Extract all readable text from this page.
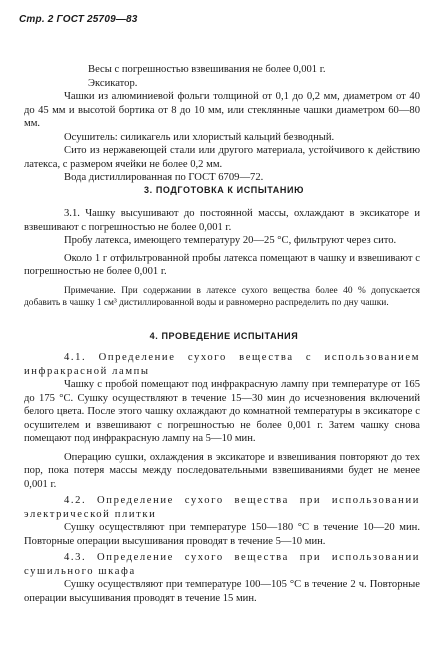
Стр. 2 ГОСТ 25709—83

Весы с погрешностью взвешивания не более 0,001 г.

Эксикатор.

Чашки из алюминиевой фольги толщиной от 0,1 до 0,2 мм, диаметром от 40 до 45 мм и высотой бортика от 8 до 10 мм, или стеклянные чашки диаметром 60—80 мм.

Осушитель: силикагель или хлористый кальций безводный.

Сито из нержавеющей стали или другого материала, устойчивого к действию латекса, с размером ячейки не более 0,2 мм.

Вода дистиллированная по ГОСТ 6709—72.

3. ПОДГОТОВКА К ИСПЫТАНИЮ

3.1. Чашку высушивают до постоянной массы, охлаждают в эксикаторе и взвешивают с погрешностью не более 0,001 г.

Пробу латекса, имеющего температуру 20—25 °С, фильтруют через сито.

Около 1 г отфильтрованной пробы латекса помещают в чашку и взвешивают с погрешностью не более 0,001 г.

Примечание. При содержании в латексе сухого вещества более 40 % допускается добавить в чашку 1 см³ дистиллированной воды и равномерно распределить по дну чашки.

4. ПРОВЕДЕНИЕ ИСПЫТАНИЯ

4.1. Определение сухого вещества с использованием инфракрасной лампы

Чашку с пробой помещают под инфракрасную лампу при температуре от 165 до 175 °С. Сушку осуществляют в течение 15—30 мин до исчезновения включений белого цвета. После этого чашку охлаждают до комнатной температуры в эксикаторе с осушителем и взвешивают с погрешностью не более 0,001 г. Затем чашку снова помещают под инфракрасную лампу на 5—10 мин.

Операцию сушки, охлаждения в эксикаторе и взвешивания повторяют до тех пор, пока потеря массы между последовательными взвешиваниями будет не менее 0,001 г.

4.2. Определение сухого вещества при использовании электрической плитки

Сушку осуществляют при температуре 150—180 °С в течение 10—20 мин. Повторные операции высушивания проводят в течение 5—10 мин.

4.3. Определение сухого вещества при использовании сушильного шкафа

Сушку осуществляют при температуре 100—105 °С в течение 2 ч. Повторные операции высушивания проводят в течение 15 мин.
